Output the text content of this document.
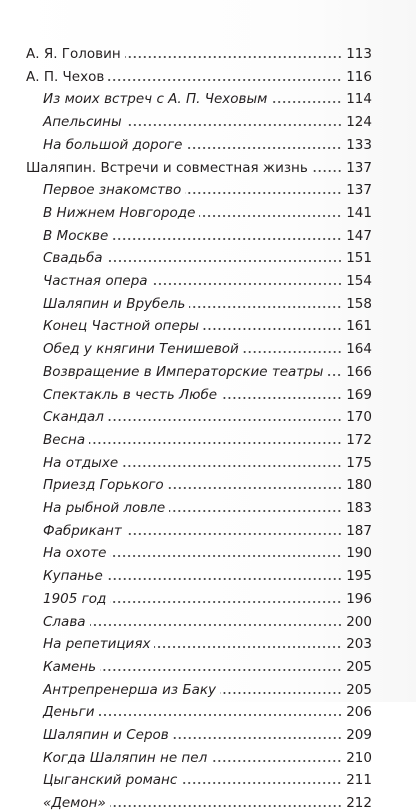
А. Я. Головин	113
А. П. Чехов	116
Из моих встреч с А. П. Чеховым	114
Апельсины	124
На большой дороге	133
Шаляпин. Встречи и совместная жизнь	137
Первое знакомство	137
В Нижнем Новгороде	141
В Москве	147
Свадьба	151
Частная опера	154
Шаляпин и Врубель	158
Конец Частной оперы	161
Обед у княгини Тенишевой	164
Возвращение в Императорские театры	166
Спектакль в честь Любе	169
Скандал	170
Весна	172
На отдыхе	175
Приезд Горького	180
На рыбной ловле	183
Фабрикант	187
На охоте	190
Купанье	195
1905 год	196
Слава	200
На репетициях	203
Камень	205
Антрепренерша из Баку	205
Деньги	206
Шаляпин и Серов	209
Когда Шаляпин не пел	210
Цыганский романс	211
«Демон»	212
